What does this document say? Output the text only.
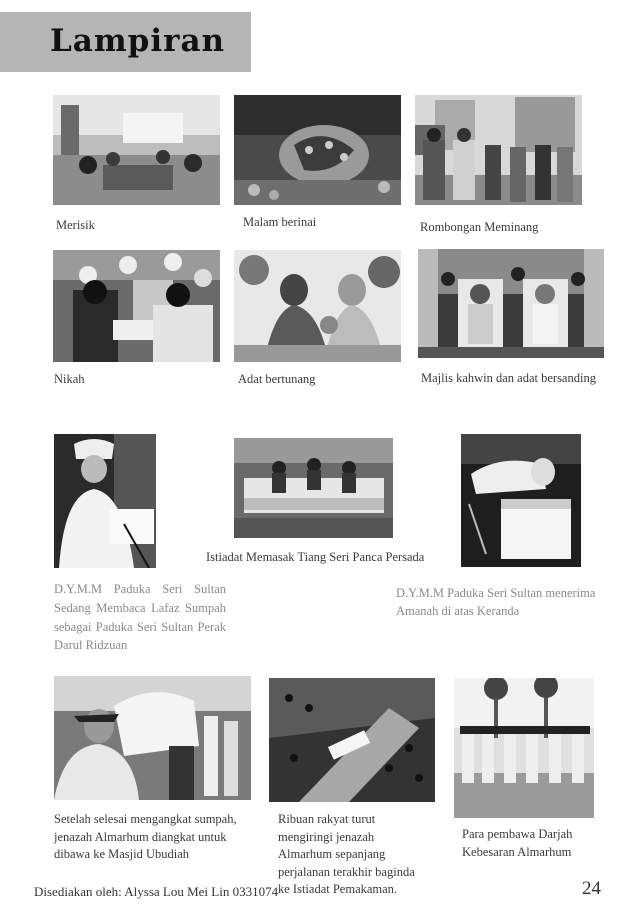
Lampiran
Merisik	Malam berinai	Rombongan Meminang
Nikah	Adat bertunang	Majlis kahwin dan adat bersanding
Istiadat Memasak Tiang Seri Panca Persada
D.Y.M.M Paduka Seri Sultan Sedang Membaca Lafaz Sumpah sebagai Paduka Seri Sultan Perak Darul Ridzuan
D.Y.M.M Paduka Seri Sultan menerima Amanah di atas Keranda
Setelah selesai mengangkat sumpah, jenazah Almarhum diangkat untuk dibawa ke Masjid Ubudiah
Ribuan rakyat turut mengiringi jenazah Almarhum sepanjang perjalanan terakhir baginda ke Istiadat Pemakaman.
Para pembawa Darjah Kebesaran Almarhum
Disediakan oleh: Alyssa Lou Mei Lin 0331074	24
